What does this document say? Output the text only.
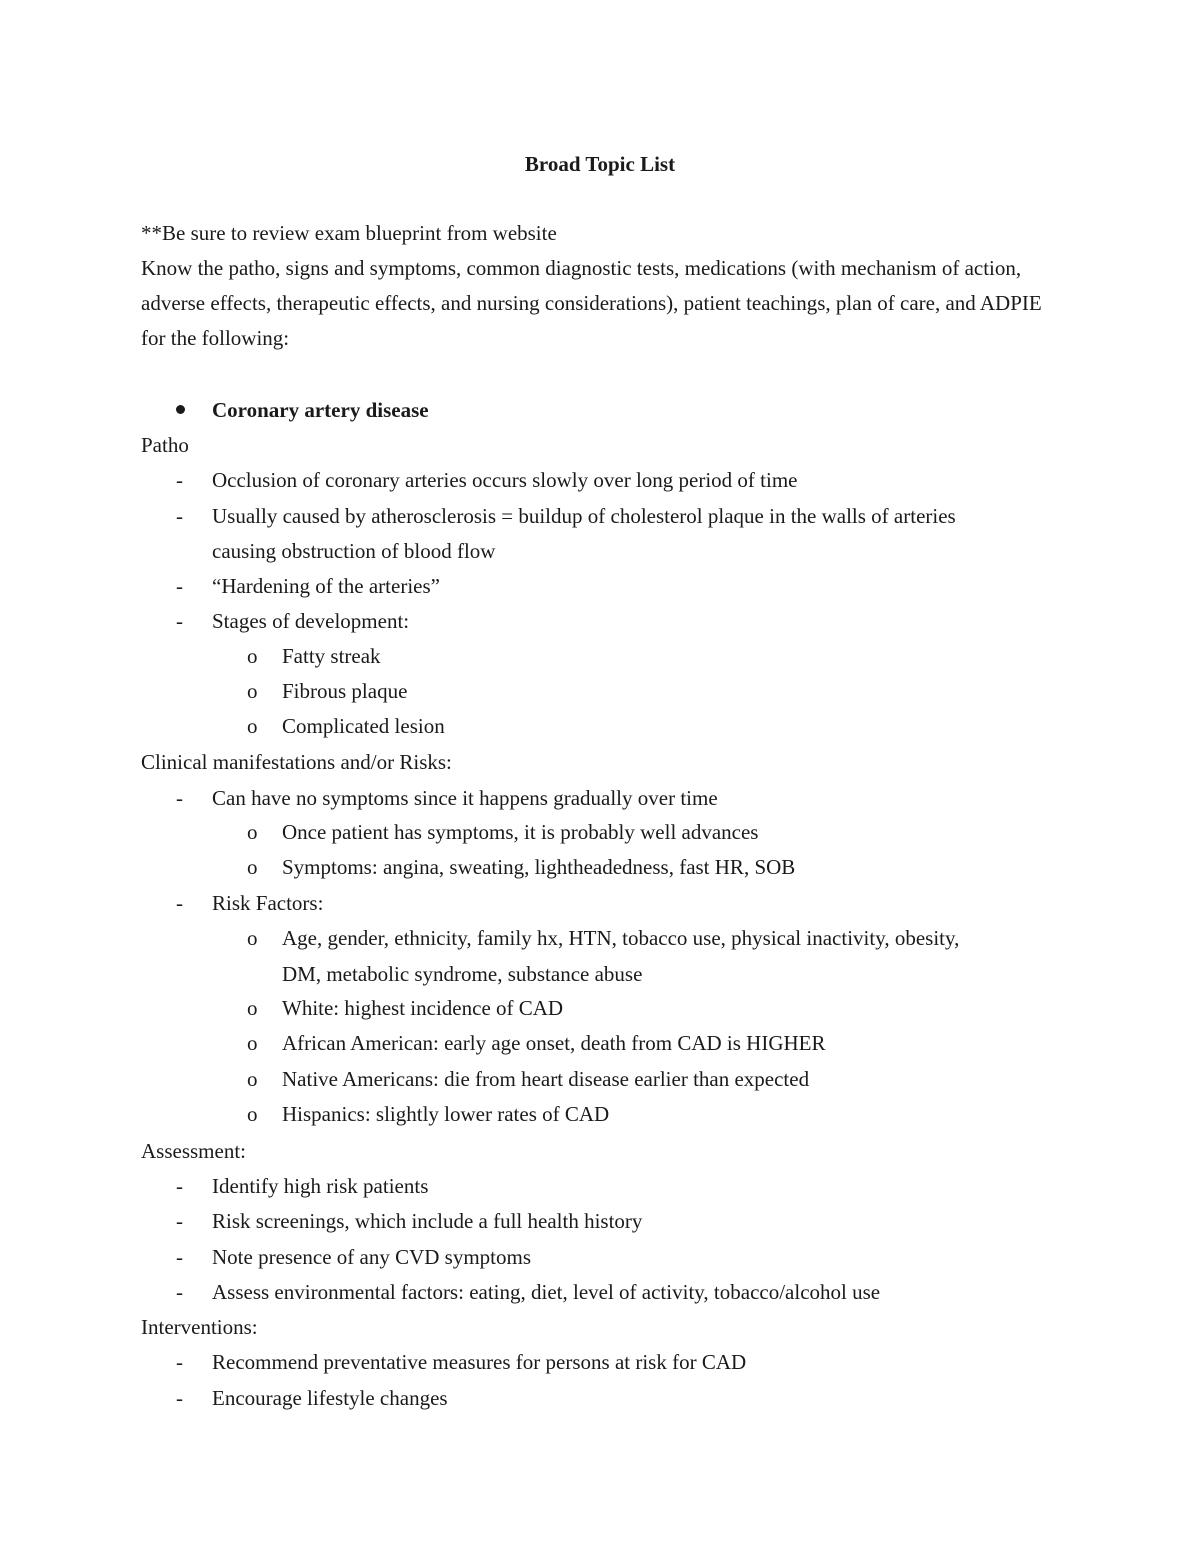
Broad Topic List
**Be sure to review exam blueprint from website
Know the patho, signs and symptoms, common diagnostic tests, medications (with mechanism of action, adverse effects, therapeutic effects, and nursing considerations), patient teachings, plan of care, and ADPIE for the following:
Coronary artery disease
Patho
- Occlusion of coronary arteries occurs slowly over long period of time
- Usually caused by atherosclerosis = buildup of cholesterol plaque in the walls of arteries
causing obstruction of blood flow
- “Hardening of the arteries”
- Stages of development:
o Fatty streak
o Fibrous plaque
o Complicated lesion
Clinical manifestations and/or Risks:
- Can have no symptoms since it happens gradually over time
o Once patient has symptoms, it is probably well advances
o Symptoms: angina, sweating, lightheadedness, fast HR, SOB
- Risk Factors:
o Age, gender, ethnicity, family hx, HTN, tobacco use, physical inactivity, obesity,
DM, metabolic syndrome, substance abuse
o White: highest incidence of CAD
o African American: early age onset, death from CAD is HIGHER
o Native Americans: die from heart disease earlier than expected
o Hispanics: slightly lower rates of CAD
Assessment:
- Identify high risk patients
- Risk screenings, which include a full health history
- Note presence of any CVD symptoms
- Assess environmental factors: eating, diet, level of activity, tobacco/alcohol use
Interventions:
- Recommend preventative measures for persons at risk for CAD
- Encourage lifestyle changes
